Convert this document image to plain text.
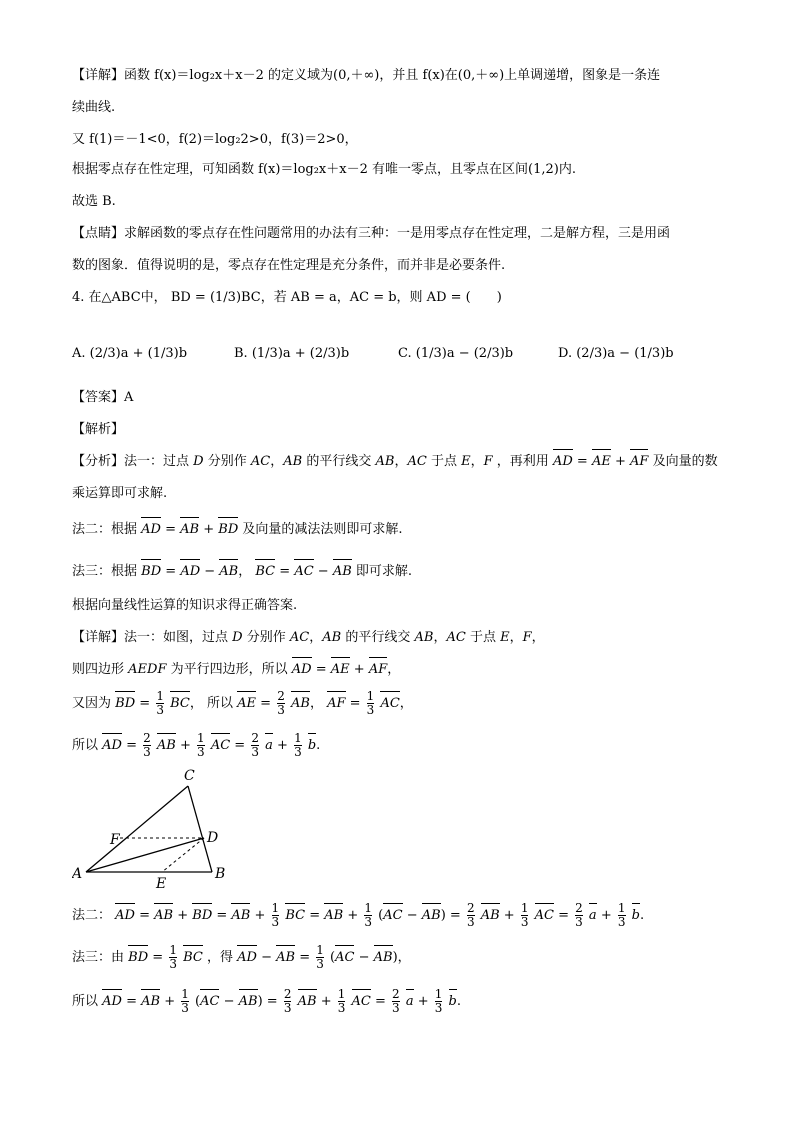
【详解】函数 f(x)＝log₂x＋x－2 的定义域为(0,＋∞)，并且 f(x)在(0,＋∞)上单调递增，图象是一条连
续曲线.
又 f(1)＝－1<0，f(2)＝log₂2>0，f(3)＝2>0，
根据零点存在性定理，可知函数 f(x)＝log₂x＋x－2 有唯一零点，且零点在区间(1,2)内.
故选 B.
【点睛】求解函数的零点存在性问题常用的办法有三种：一是用零点存在性定理，二是解方程，三是用函
数的图象．值得说明的是，零点存在性定理是充分条件，而并非是必要条件.
4. 在△ABC中， BD = (1/3)BC，若 AB = a，AC = b，则 AD = (　　)
A. (2/3)a + (1/3)b	B. (1/3)a + (2/3)b	C. (1/3)a − (2/3)b	D. (2/3)a − (1/3)b
【答案】A
【解析】
【分析】法一：过点 D 分别作 AC，AB 的平行线交 AB，AC 于点 E，F ，再利用 AD = AE + AF 及向量的数
乘运算即可求解.
法二：根据 AD = AB + BD 及向量的减法法则即可求解.
法三：根据 BD = AD − AB， BC = AC − AB 即可求解.
根据向量线性运算的知识求得正确答案.
【详解】法一：如图，过点 D 分别作 AC，AB 的平行线交 AB，AC 于点 E，F，
则四边形 AEDF 为平行四边形，所以 AD = AE + AF，
又因为 BD = $\frac{1}{3}$ BC， 所以 AE = $\frac{2}{3}$ AB， AF = $\frac{1}{3}$ AC，
所以 AD = $\frac{2}{3}$ AB + $\frac{1}{3}$ AC = $\frac{2}{3}$ $a + \frac{1}{3} b$.
A	B
C
D
E
F
法二： AD = AB + BD = AB + $\frac{1}{3}$ BC = AB + $\frac{1}{3} (AC - AB) = \frac{2}{3}$ AB + $\frac{1}{3}$ AC = $\frac{2}{3}$ $a + \frac{1}{3} b$.
法三：由 BD = $\frac{1}{3}$ BC ，得 AD − AB = $\frac{1}{3} (AC - AB)$，
所以 AD = AB + $\frac{1}{3} (AC - AB) = \frac{2}{3}$ AB + $\frac{1}{3}$ AC = $\frac{2}{3}$ $a + \frac{1}{3} b$.
